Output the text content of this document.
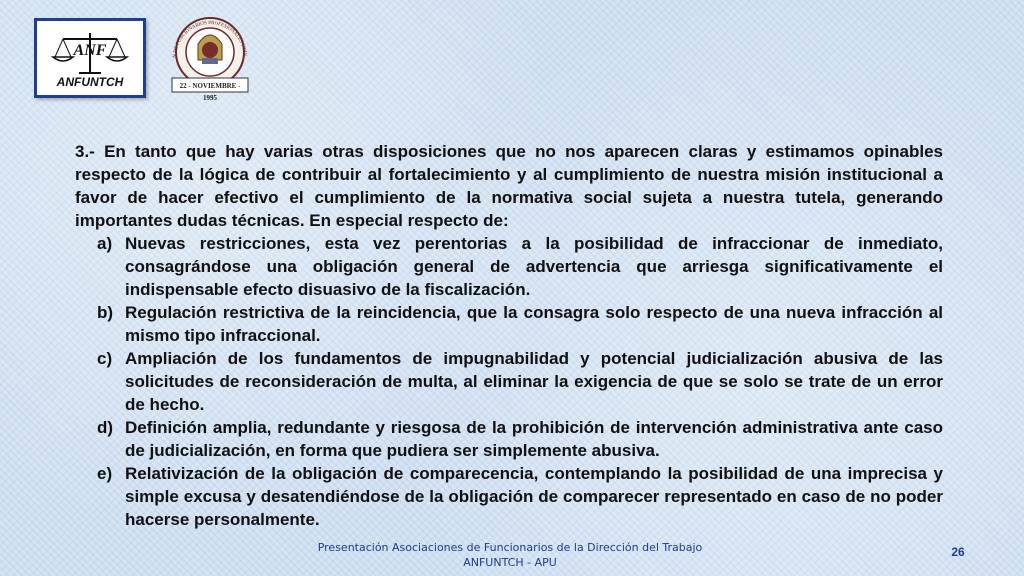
ANF
ANFUNTCH
N DE FUNCIONARIOS PROFESIONALES UNIV
22 - NOVIEMBRE - 1995

3.- En tanto que hay varias otras disposiciones que no nos aparecen claras y estimamos opinables respecto de la lógica de contribuir al fortalecimiento y al cumplimiento de nuestra misión institucional a favor de hacer efectivo el cumplimiento de la normativa social sujeta a nuestra tutela, generando importantes dudas técnicas. En especial respecto de:

a) Nuevas restricciones, esta vez perentorias a la posibilidad de infraccionar de inmediato, consagrándose una obligación general de advertencia que arriesga significativamente el indispensable efecto disuasivo de la fiscalización.
b) Regulación restrictiva de la reincidencia, que la consagra solo respecto de una nueva infracción al mismo tipo infraccional.
c) Ampliación de los fundamentos de impugnabilidad y potencial judicialización abusiva de las solicitudes de reconsideración de multa, al eliminar la exigencia de que se solo se trate de un error de hecho.
d) Definición amplia, redundante y riesgosa de la prohibición de intervención administrativa ante caso de judicialización, en forma que pudiera ser simplemente abusiva.
e) Relativización de la obligación de comparecencia, contemplando la posibilidad de una imprecisa y simple excusa y desatendiéndose de la obligación de comparecer representado en caso de no poder hacerse personalmente.
Presentación Asociaciones de Funcionarios de la Dirección del Trabajo
ANFUNTCH - APU
26
